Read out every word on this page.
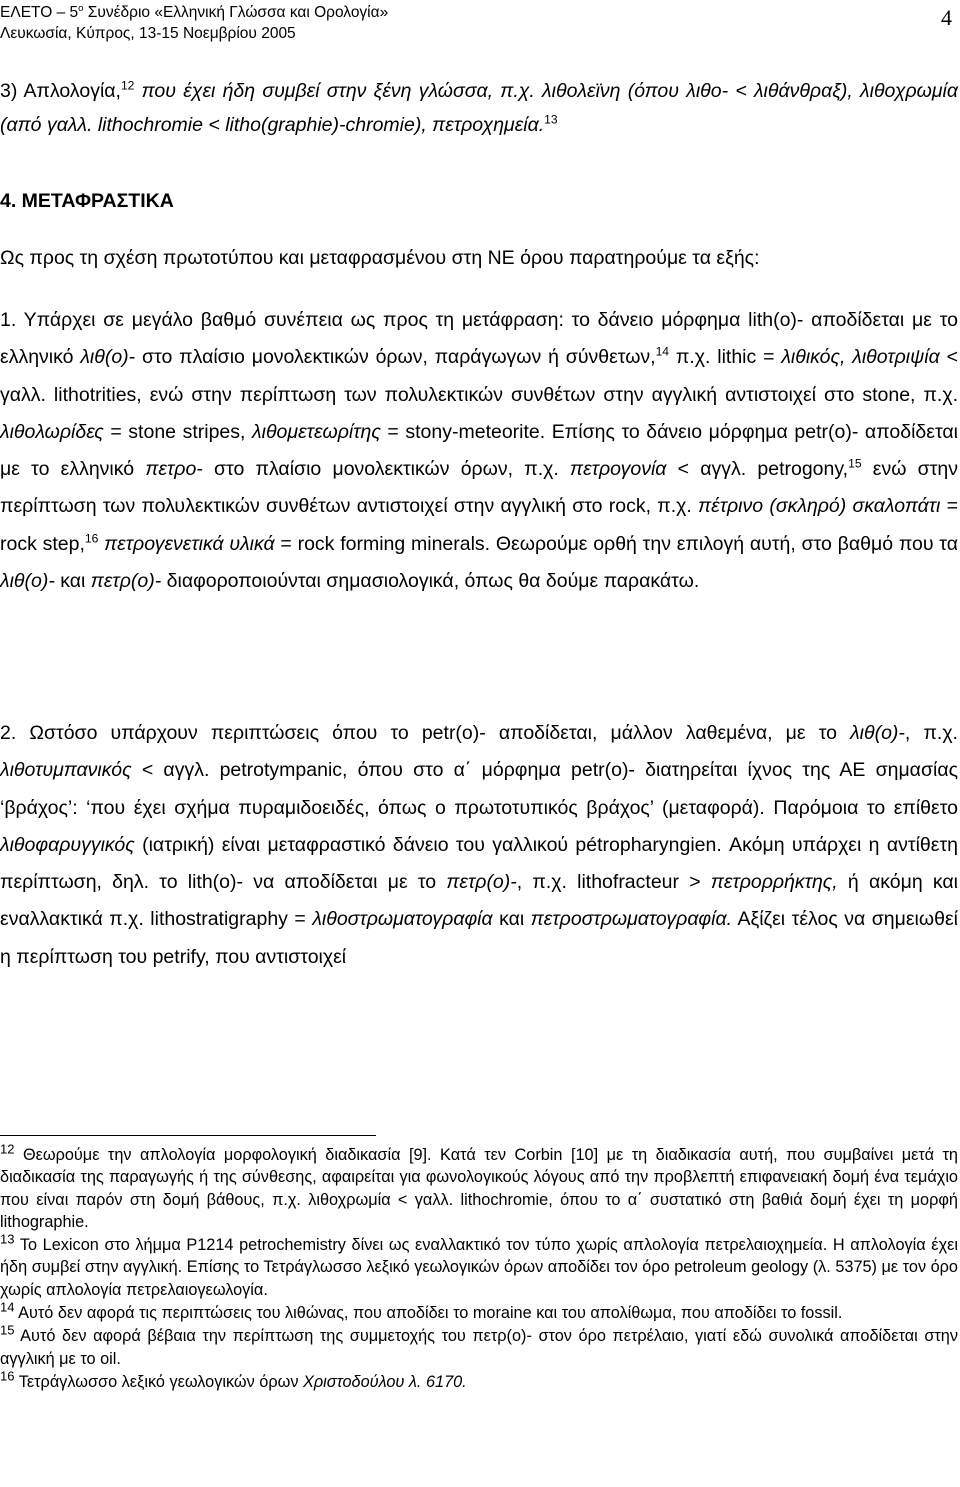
ΕΛΕΤΟ – $5^o$ Συνέδριο «Ελληνική Γλώσσα και Ορολογία»
Λευκωσία, Κύπρος, 13-15 Νοεμβρίου 2005
4
3) Απλολογία,$^{12}$ που έχει ήδη συμβεί στην ξένη γλώσσα, π.χ. λιθολεϊνη (όπου λιθο- < λιθάνθραξ), λιθοχρωμία (από γαλλ. lithochromie < litho(graphie)-chromie), πετροχημεία.$^{13}$
4. ΜΕΤΑΦΡΑΣΤΙΚΑ
Ως προς τη σχέση πρωτοτύπου και μεταφρασμένου στη ΝΕ όρου παρατηρούμε τα εξής:
1. Υπάρχει σε μεγάλο βαθμό συνέπεια ως προς τη μετάφραση: το δάνειο μόρφημα lith(o)- αποδίδεται με το ελληνικό λιθ(ο)- στο πλαίσιο μονολεκτικών όρων, παράγωγων ή σύνθετων,$^{14}$ π.χ. lithic = λιθικός, λιθοτριψία < γαλλ. lithotrities, ενώ στην περίπτωση των πολυλεκτικών συνθέτων στην αγγλική αντιστοιχεί στο stone, π.χ. λιθολωρίδες = stone stripes, λιθομετεωρίτης = stony-meteorite. Επίσης το δάνειο μόρφημα petr(o)- αποδίδεται με το ελληνικό πετρο- στο πλαίσιο μονολεκτικών όρων, π.χ. πετρογονία < αγγλ. petrogony,$^{15}$ ενώ στην περίπτωση των πολυλεκτικών συνθέτων αντιστοιχεί στην αγγλική στο rock, π.χ. πέτρινο (σκληρό) σκαλοπάτι = rock step,$^{16}$ πετρογενετικά υλικά = rock forming minerals. Θεωρούμε ορθή την επιλογή αυτή, στο βαθμό που τα λιθ(ο)- και πετρ(ο)- διαφοροποιούνται σημασιολογικά, όπως θα δούμε παρακάτω.
2. Ωστόσο υπάρχουν περιπτώσεις όπου το petr(o)- αποδίδεται, μάλλον λαθεμένα, με το λιθ(ο)-, π.χ. λιθοτυμπανικός < αγγλ. petrotympanic, όπου στο α΄ μόρφημα petr(o)- διατηρείται ίχνος της ΑΕ σημασίας ‘βράχος’: ‘που έχει σχήμα πυραμιδοειδές, όπως ο πρωτοτυπικός βράχος’ (μεταφορά). Παρόμοια το επίθετο λιθοφαρυγγικός (ιατρική) είναι μεταφραστικό δάνειο του γαλλικού pétropharyngien. Ακόμη υπάρχει η αντίθετη περίπτωση, δηλ. το lith(o)- να αποδίδεται με το πετρ(ο)-, π.χ. lithofracteur > πετρορρήκτης, ή ακόμη και εναλλακτικά π.χ. lithostratigraphy = λιθοστρωματογραφία και πετροστρωματογραφία. Αξίζει τέλος να σημειωθεί η περίπτωση του petrify, που αντιστοιχεί

$^{12}$ Θεωρούμε την απλολογία μορφολογική διαδικασία [9]. Κατά τεν Corbin [10] με τη διαδικασία αυτή, που συμβαίνει μετά τη διαδικασία της παραγωγής ή της σύνθεσης, αφαιρείται για φωνολογικούς λόγους από την προβλεπτή επιφανειακή δομή ένα τεμάχιο που είναι παρόν στη δομή βάθους, π.χ. λιθοχρωμία < γαλλ. lithochromie, όπου το α΄ συστατικό στη βαθιά δομή έχει τη μορφή lithographie.

$^{13}$ Το Lexicon στο λήμμα P1214 petrochemistry δίνει ως εναλλακτικό τον τύπο χωρίς απλολογία πετρελαιοχημεία. Η απλολογία έχει ήδη συμβεί στην αγγλική. Επίσης το Τετράγλωσσο λεξικό γεωλογικών όρων αποδίδει τον όρο petroleum geology (λ. 5375) με τον όρο χωρίς απλολογία πετρελαιογεωλογία.

$^{14}$ Αυτό δεν αφορά τις περιπτώσεις του λιθώνας, που αποδίδει το moraine και του απολίθωμα, που αποδίδει το fossil.

$^{15}$ Αυτό δεν αφορά βέβαια την περίπτωση της συμμετοχής του πετρ(ο)- στον όρο πετρέλαιο, γιατί εδώ συνολικά αποδίδεται στην αγγλική με το oil.

$^{16}$ Τετράγλωσσο λεξικό γεωλογικών όρων Χριστοδούλου λ. 6170.
